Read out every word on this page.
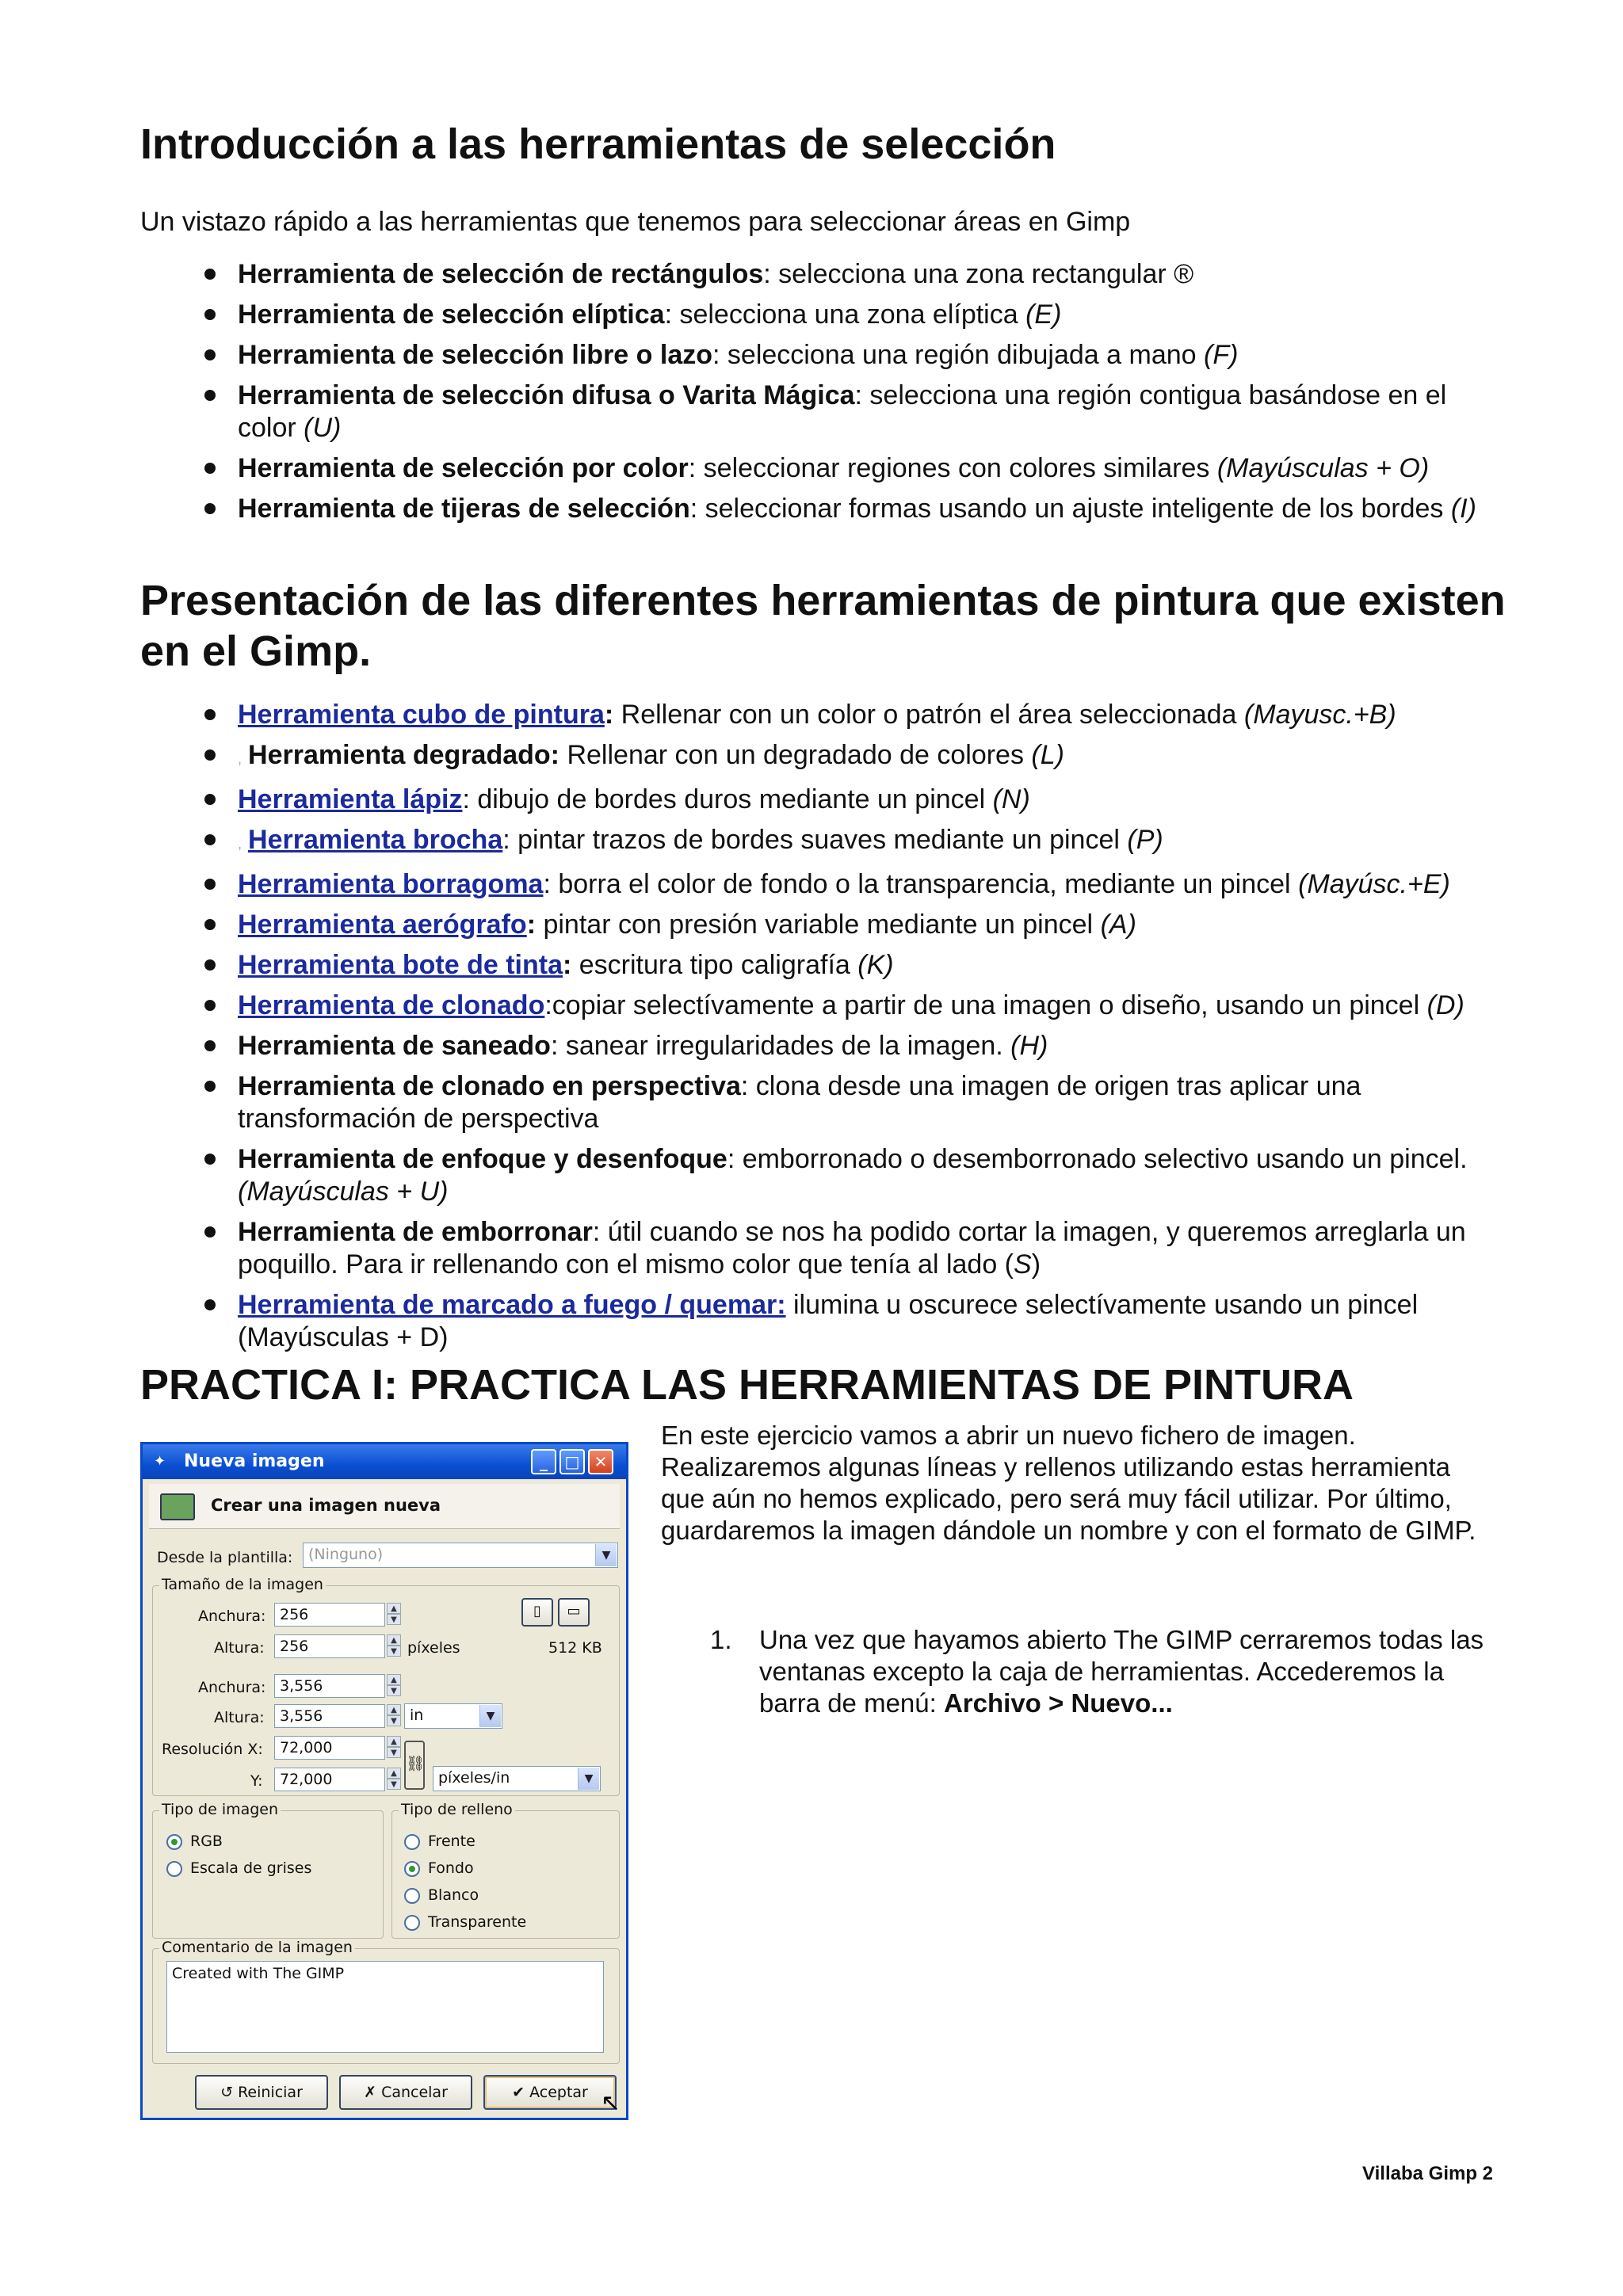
Introducción a las herramientas de selección
Un vistazo rápido a las herramientas que tenemos para seleccionar áreas en Gimp
Herramienta de selección de rectángulos: selecciona una zona rectangular ®
Herramienta de selección elíptica: selecciona una zona elíptica (E)
Herramienta de selección libre o lazo: selecciona una región dibujada a mano (F)
Herramienta de selección difusa o Varita Mágica: selecciona una región contigua basándose en el color (U)
Herramienta de selección por color: seleccionar regiones con colores similares (Mayúsculas + O)
Herramienta de tijeras de selección: seleccionar formas usando un ajuste inteligente de los bordes (I)
Presentación de las diferentes herramientas de pintura que existen en el Gimp.
Herramienta cubo de pintura: Rellenar con un color o patrón el área seleccionada (Mayusc.+B)
, Herramienta degradado: Rellenar con un degradado de colores (L)
Herramienta lápiz: dibujo de bordes duros mediante un pincel (N)
, Herramienta brocha: pintar trazos de bordes suaves mediante un pincel (P)
Herramienta borragoma: borra el color de fondo o la transparencia, mediante un pincel (Mayúsc.+E)
Herramienta aerógrafo: pintar con presión variable mediante un pincel (A)
Herramienta bote de tinta: escritura tipo caligrafía (K)
Herramienta de clonado:copiar selectívamente a partir de una imagen o diseño, usando un pincel (D)
Herramienta de saneado: sanear irregularidades de la imagen. (H)
Herramienta de clonado en perspectiva: clona desde una imagen de origen tras aplicar una transformación de perspectiva
Herramienta de enfoque y desenfoque: emborronado o desemborronado selectivo usando un pincel. (Mayúsculas + U)
Herramienta de emborronar: útil cuando se nos ha podido cortar la imagen, y queremos arreglarla un poquillo. Para ir rellenando con el mismo color que tenía al lado (S)
Herramienta de marcado a fuego / quemar: ilumina u oscurece selectívamente usando un pincel (Mayúsculas + D)
PRACTICA I: PRACTICA LAS HERRAMIENTAS DE PINTURA
✦	Nueva imagen	_	□ ✕
Crear una imagen nueva
Desde la plantilla:	(Ninguno)	▼
Tamaño de la imagen
Anchura: 256	▲
▼
▯	▭
Altura:	256	▲
▼ píxeles	512 KB
Anchura: 3,556	▲
▼
Altura:	3,556	▲
▼ in	▼
Resolución X:	72,000	▲
▼
Y:	72,000	▲
▼
⛓
píxeles/in	▼
Tipo de imagen
RGB
Escala de grises
Tipo de relleno
Frente
Fondo
Blanco
Transparente
Comentario de la imagen
Created with The GIMP
↺ Reiniciar	✗ Cancelar	✔ Aceptar ↖
En este ejercicio vamos a abrir un nuevo fichero de imagen. Realizaremos algunas líneas y rellenos utilizando estas herramienta que aún no hemos explicado, pero será muy fácil utilizar. Por último, guardaremos la imagen dándole un nombre y con el formato de GIMP.
1. Una vez que hayamos abierto The GIMP cerraremos todas las ventanas excepto la caja de herramientas. Accederemos la barra de menú: Archivo > Nuevo...
Villaba Gimp 2
